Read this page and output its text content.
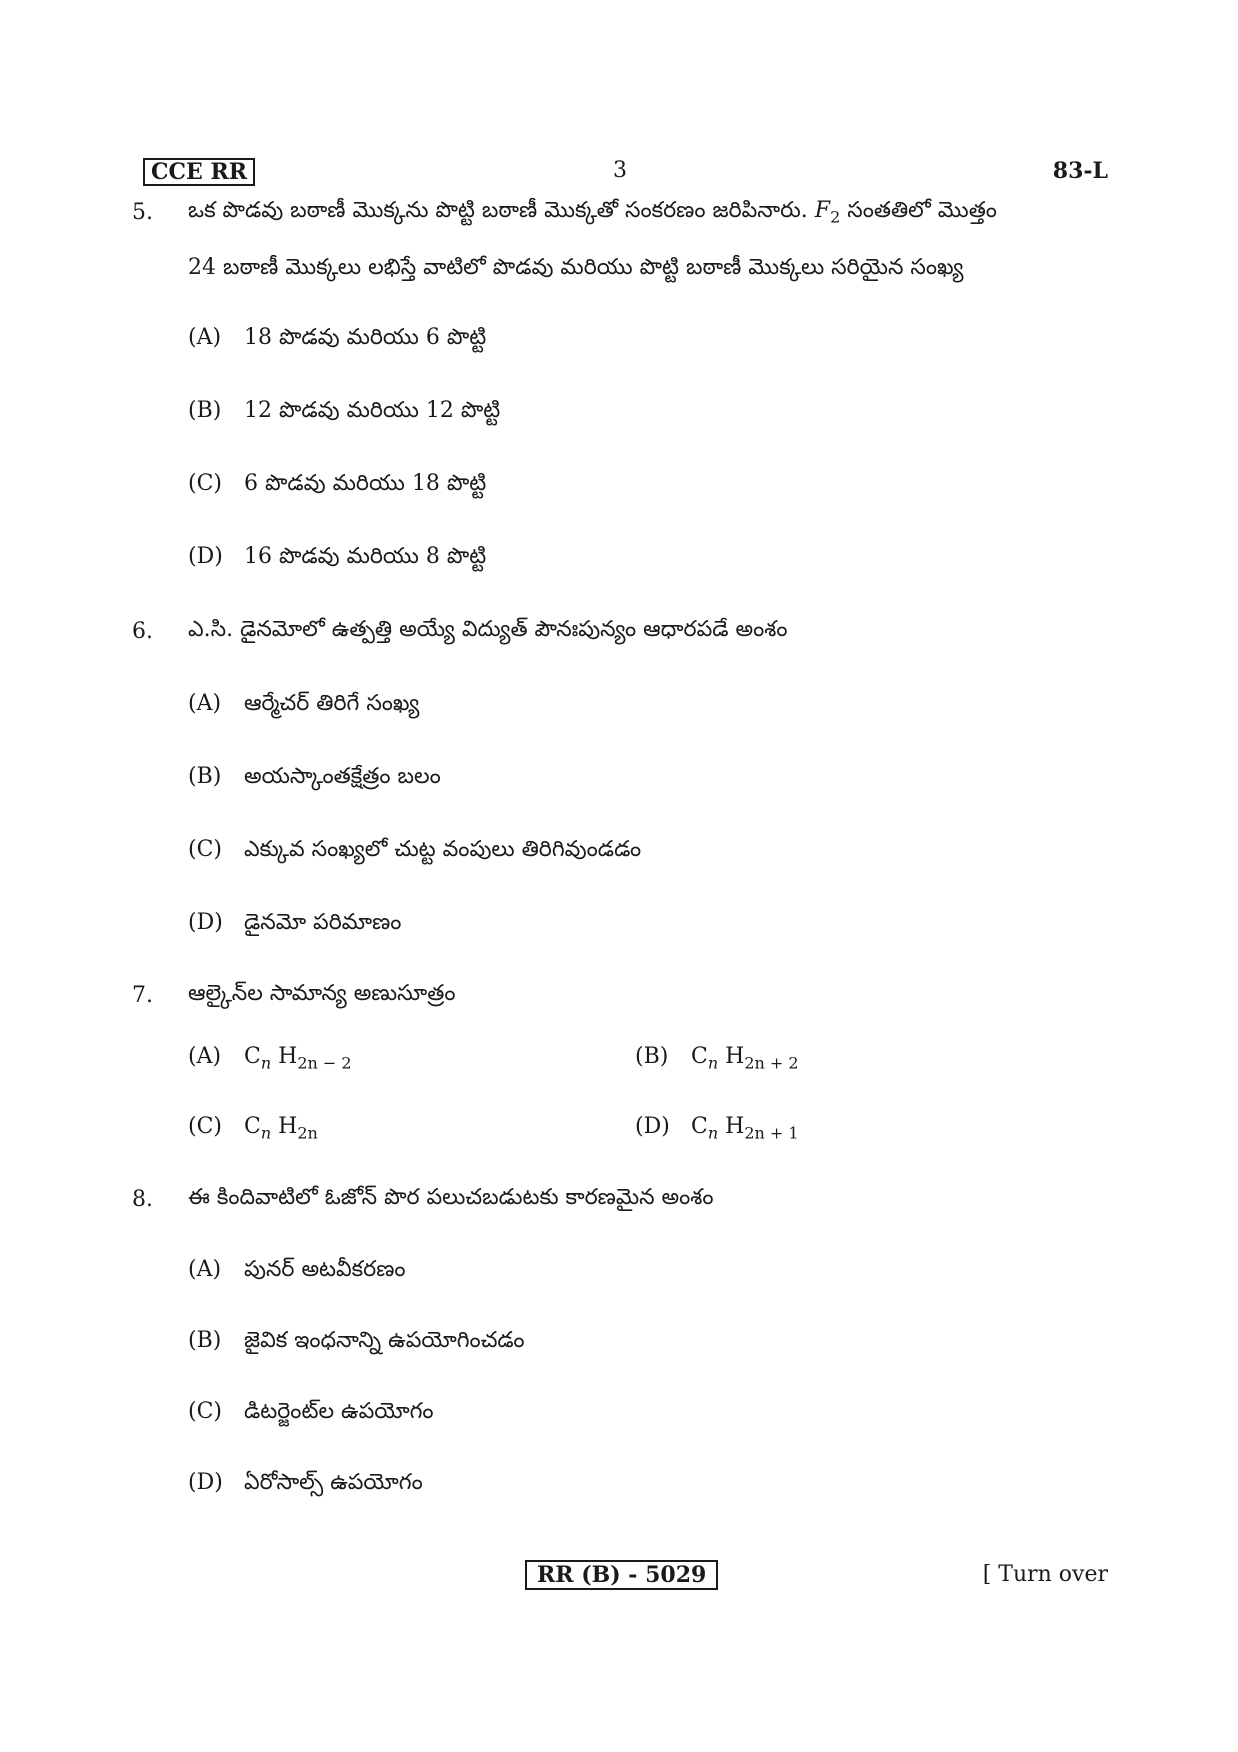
CCE RR	3	83-L
5. ఒక పొడవు బఠాణీ మొక్కను పొట్టి బఠాణీ మొక్కతో సంకరణం జరిపినారు. $F_2$ సంతతిలో మొత్తం
24 బఠాణీ మొక్కలు లభిస్తే వాటిలో పొడవు మరియు పొట్టి బఠాణీ మొక్కలు సరియైన సంఖ్య
(A) 18 పొడవు మరియు 6 పొట్టి
(B) 12 పొడవు మరియు 12 పొట్టి
(C) 6 పొడవు మరియు 18 పొట్టి
(D) 16 పొడవు మరియు 8 పొట్టి
6. ఎ.సి. డైనమోలో ఉత్పత్తి అయ్యే విద్యుత్ పౌనఃపున్యం ఆధారపడే అంశం
(A) ఆర్మేచర్ తిరిగే సంఖ్య
(B) అయస్కాంతక్షేత్రం బలం
(C) ఎక్కువ సంఖ్యలో చుట్ట వంపులు తిరిగివుండడం
(D) డైనమో పరిమాణం
7. ఆల్కైన్‌ల సామాన్య అణుసూత్రం
(A) $C_n$ $H_{2n - 2}$	(B) $C_n$ $H_{2n + 2}$
(C) $C_n$ $H_{2n}$	(D) $C_n$ $H_{2n + 1}$
8. ఈ కిందివాటిలో ఓజోన్ పొర పలుచబడుటకు కారణమైన అంశం
(A) పునర్ అటవీకరణం
(B) జైవిక ఇంధనాన్ని ఉపయోగించడం
(C) డిటర్జెంట్‌ల ఉపయోగం
(D) ఏరోసాల్స్ ఉపయోగం
RR (B) - 5029	[ Turn over
